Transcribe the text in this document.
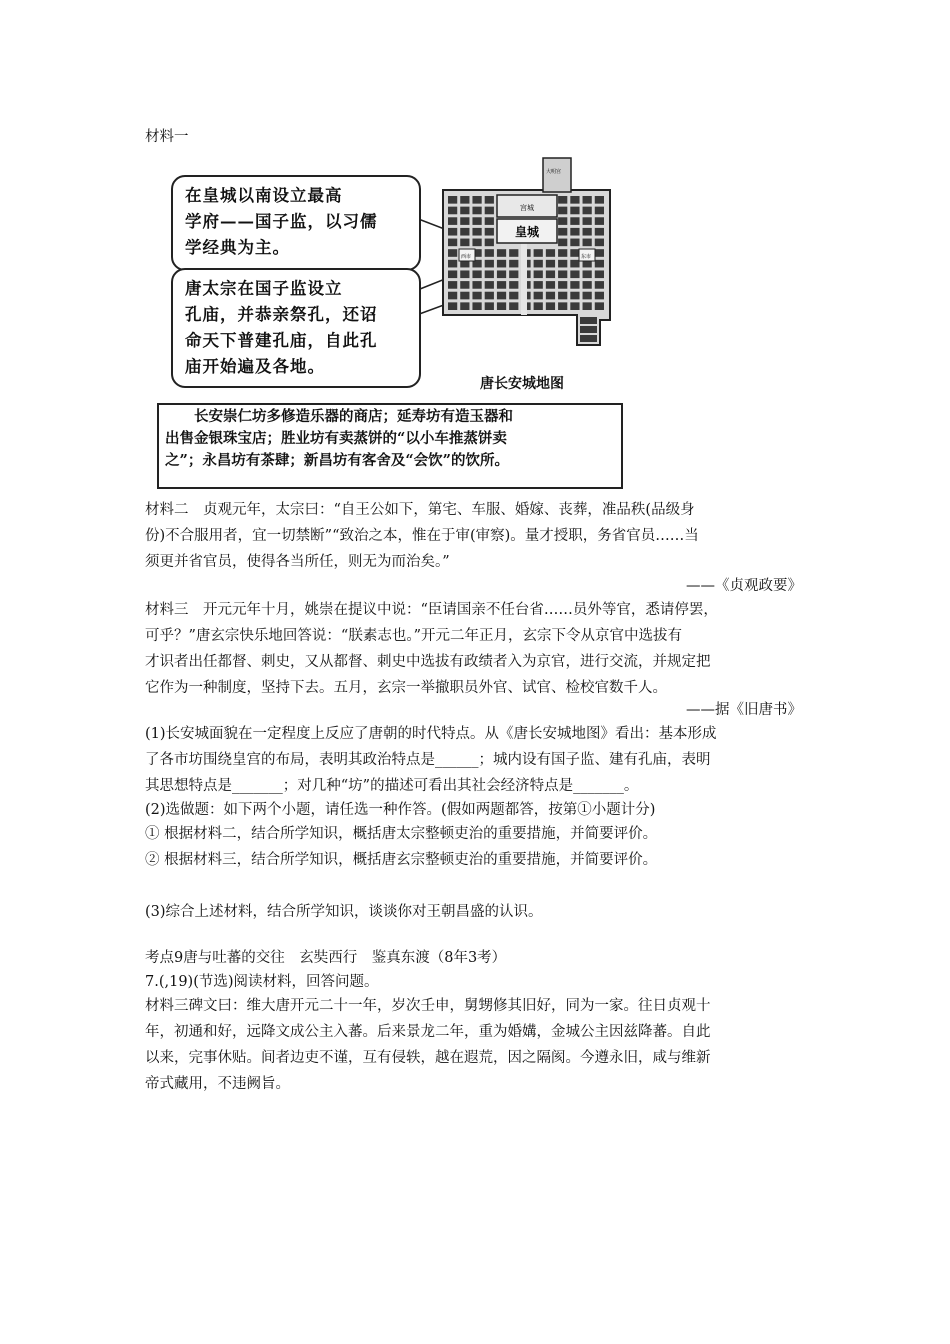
材料一
宫城
皇城
西市	东市
大明宫
在皇城以南设立最高
学府——国子监，以习儒
学经典为主。
唐太宗在国子监设立
孔庙，并恭亲祭孔，还诏
命天下普建孔庙，自此孔
庙开始遍及各地。
唐长安城地图
长安崇仁坊多修造乐器的商店；延寿坊有造玉器和
出售金银珠宝店；胜业坊有卖蒸饼的“以小车推蒸饼卖
之”；永昌坊有茶肆；新昌坊有客舍及“会饮”的饮所。
材料二　贞观元年，太宗曰：“自王公如下，第宅、车服、婚嫁、丧葬，准品秩(品级身
份)不合服用者，宜一切禁断”“致治之本，惟在于审(审察)。量才授职，务省官员……当
须更并省官员，使得各当所任，则无为而治矣。”
——《贞观政要》
材料三　开元元年十月，姚崇在提议中说：“臣请国亲不任台省……员外等官，悉请停罢，
可乎？”唐玄宗快乐地回答说：“朕素志也。”开元二年正月，玄宗下令从京官中选拔有
才识者出任都督、刺史，又从都督、刺史中选拔有政绩者入为京官，进行交流，并规定把
它作为一种制度，坚持下去。五月，玄宗一举撤职员外官、试官、检校官数千人。
——据《旧唐书》
(1)长安城面貌在一定程度上反应了唐朝的时代特点。从《唐长安城地图》看出：基本形成
了各市坊围绕皇宫的布局，表明其政治特点是______；城内设有国子监、建有孔庙，表明
其思想特点是_______；对几种“坊”的描述可看出其社会经济特点是_______。
(2)选做题：如下两个小题，请任选一种作答。(假如两题都答，按第①小题计分)
① 根据材料二，结合所学知识，概括唐太宗整顿吏治的重要措施，并简要评价。
② 根据材料三，结合所学知识，概括唐玄宗整顿吏治的重要措施，并简要评价。
(3)综合上述材料，结合所学知识，谈谈你对王朝昌盛的认识。
考点9唐与吐蕃的交往　玄奘西行　鉴真东渡（8年3考）
7.(,19)(节选)阅读材料，回答问题。
材料三碑文曰：维大唐开元二十一年，岁次壬申，舅甥修其旧好，同为一家。往日贞观十
年，初通和好，远降文成公主入蕃。后来景龙二年，重为婚媾，金城公主因兹降蕃。自此
以来，完事休贴。间者边吏不谨，互有侵轶，越在遐荒，因之隔阂。今遵永旧，咸与维新
帝式藏用，不违阙旨。
